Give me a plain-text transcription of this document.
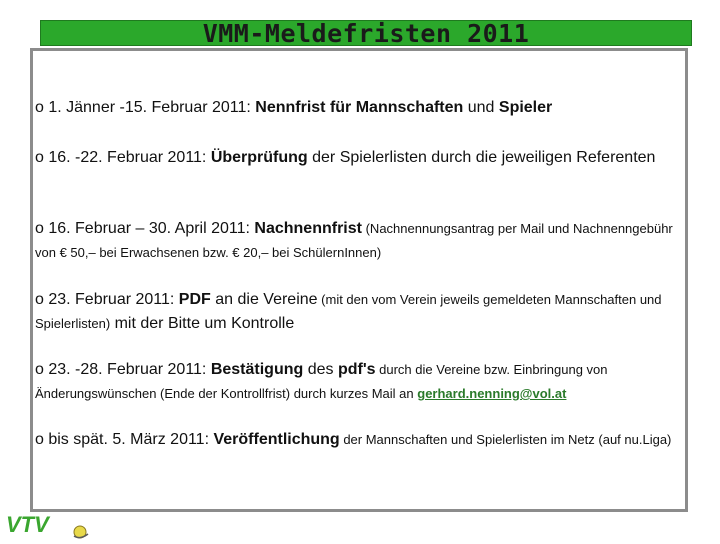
VMM-Meldefristen 2011
o 1. Jänner -15. Februar 2011: Nennfrist für Mannschaften und Spieler
o 16. -22. Februar 2011: Überprüfung der Spielerlisten durch die jeweiligen Referenten
o 16. Februar – 30. April 2011: Nachnennfrist (Nachnennungsantrag per Mail und Nachnenngebühr von € 50,– bei Erwachsenen bzw. € 20,– bei SchülernInnen)
o 23. Februar 2011: PDF an die Vereine (mit den vom Verein jeweils gemeldeten Mannschaften und Spielerlisten) mit der Bitte um Kontrolle
o 23. -28. Februar 2011: Bestätigung des pdf's durch die Vereine bzw. Einbringung von Änderungswünschen (Ende der Kontrollfrist) durch kurzes Mail an gerhard.nenning@vol.at
o bis spät. 5. März 2011: Veröffentlichung der Mannschaften und Spielerlisten im Netz (auf nu.Liga)
VTV
